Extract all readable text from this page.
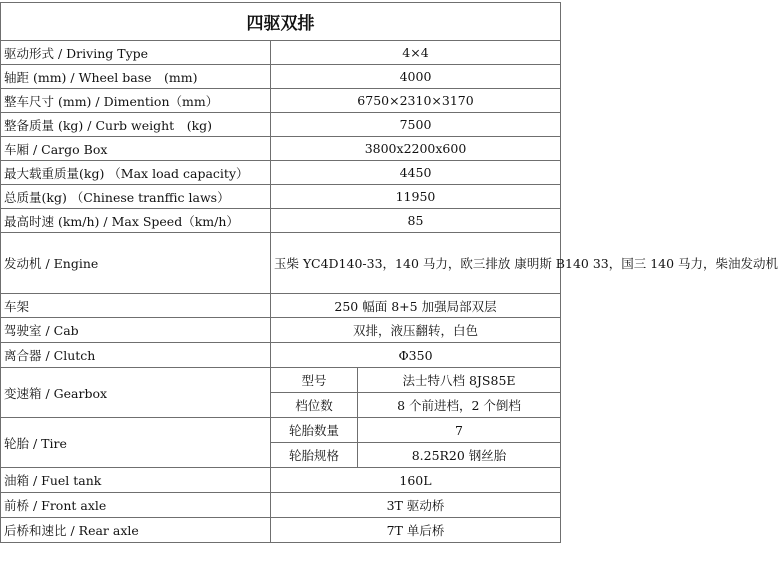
四驱双排		
驱动形式 / Driving Type	4×4	
轴距 (mm) / Wheel base　(mm)	4000	
整车尺寸 (mm) / Dimention（mm）	6750×2310×3170	
整备质量 (kg) / Curb weight　(kg)	7500	
车厢 / Cargo Box	3800x2200x600	
最大载重质量(kg) （Max load capacity）	4450	
总质量(kg) （Chinese tranffic laws）	11950	
最高时速 (km/h) / Max Speed（km/h）	85	
发动机 / Engine	玉柴 YC4D140-33，140 马力，欧三排放 康明斯 B140 33，国三 140 马力，柴油发动机	
车架	250 幅面 8+5 加强局部双层	
驾驶室 / Cab	双排，液压翻转，白色	
离合器 / Clutch	Φ350	
变速箱 / Gearbox	型号	法士特八档 8JS85E
	档位数	8 个前进档，2 个倒档
轮胎 / Tire	轮胎数量	7
	轮胎规格	8.25R20 钢丝胎
油箱 / Fuel tank	160L	
前桥 / Front axle	3T 驱动桥	
后桥和速比 / Rear axle	7T 单后桥	
